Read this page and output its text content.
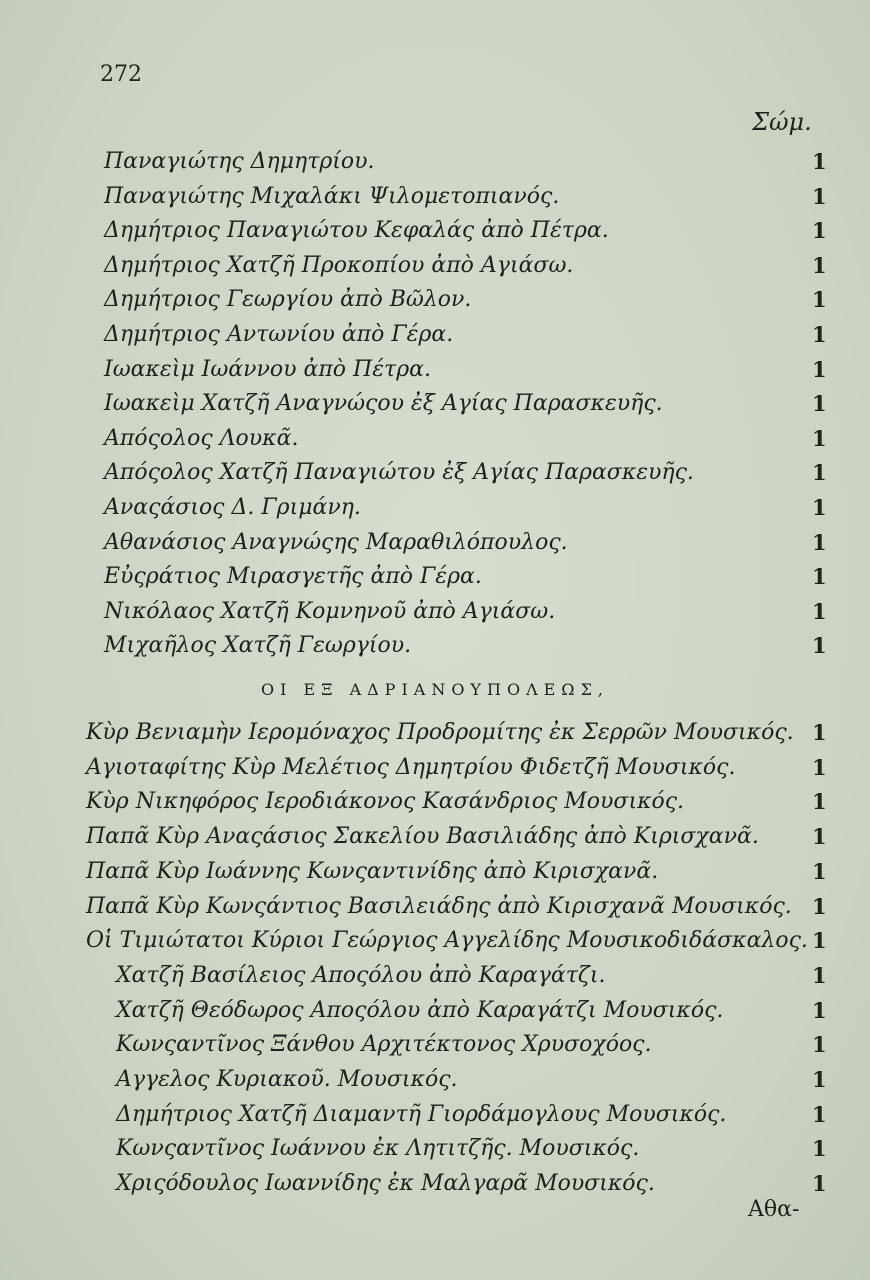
272
Σώμ.
Παναγιώτης Δημητρίου.	1
Παναγιώτης Μιχαλάκι Ψιλομετοπιανός.	1
Δημήτριος Παναγιώτου Κεφαλάς ἀπὸ Πέτρα.	1
Δημήτριος Χατζῆ Προκοπίου ἀπὸ Αγιάσω.	1
Δημήτριος Γεωργίου ἀπὸ Βῶλον.	1
Δημήτριος Αντωνίου ἀπὸ Γέρα.	1
Ιωακεὶμ Ιωάννου ἀπὸ Πέτρα.	1
Ιωακεὶμ Χατζῆ Αναγνώςου ἐξ Αγίας Παρασκευῆς.	1
Απόςολος Λουκᾶ.	1
Απόςολος Χατζῆ Παναγιώτου ἐξ Αγίας Παρασκευῆς.	1
Αναςάσιος Δ. Γριμάνη.	1
Αθανάσιος Αναγνώςης Μαραθιλόπουλος.	1
Εὐςράτιος Μιρασγετῆς ἀπὸ Γέρα.	1
Νικόλαος Χατζῆ Κομνηνοῦ ἀπὸ Αγιάσω.	1
Μιχαῆλος Χατζῆ Γεωργίου.	1
ΟΙ ΕΞ ΑΔΡΙΑΝΟΥΠΟΛΕΩΣ,
Κὺρ Βενιαμὴν Ιερομόναχος Προδρομίτης ἐκ Σερρῶν Μουσικός. 1
Αγιοταφίτης Κὺρ Μελέτιος Δημητρίου Φιδετζῆ Μουσικός.	1
Κὺρ Νικηφόρος Ιεροδιάκονος Κασάνδριος Μουσικός.	1
Παπᾶ Κὺρ Αναςάσιος Σακελίου Βασιλιάδης ἀπὸ Κιρισχανᾶ.	1
Παπᾶ Κὺρ Ιωάννης Κωνςαντινίδης ἀπὸ Κιρισχανᾶ.	1
Παπᾶ Κὺρ Κωνςάντιος Βασιλειάδης ἀπὸ Κιρισχανᾶ Μουσικός. 1
Οἱ Τιμιώτατοι Κύριοι Γεώργιος Αγγελίδης Μουσικοδιδάσκαλος. 1
Χατζῆ Βασίλειος Αποςόλου ἀπὸ Καραγάτζι.	1
Χατζῆ Θεόδωρος Αποςόλου ἀπὸ Καραγάτζι Μουσικός.	1
Κωνςαντῖνος Ξάνθου Αρχιτέκτονος Χρυσοχόος.	1
Αγγελος Κυριακοῦ. Μουσικός.	1
Δημήτριος Χατζῆ Διαμαντῆ Γιορδάμογλους Μουσικός.	1
Κωνςαντῖνος Ιωάννου ἐκ Λητιτζῆς. Μουσικός.	1
Χριςόδουλος Ιωαννίδης ἐκ Μαλγαρᾶ Μουσικός.	1
Αθα-
